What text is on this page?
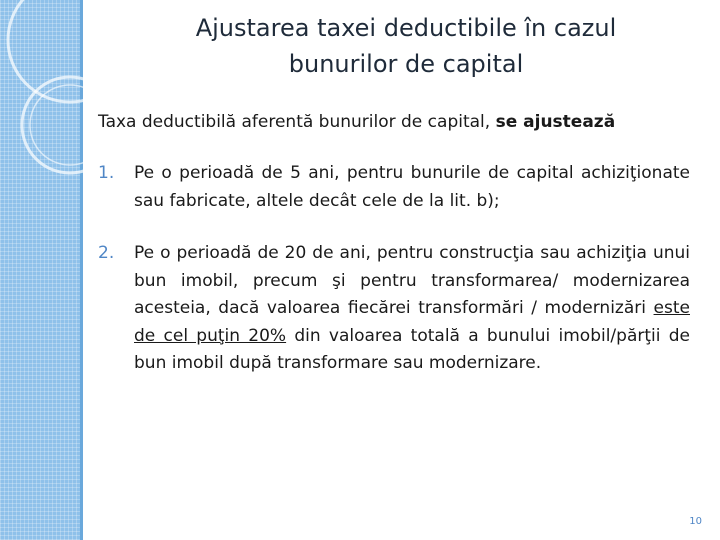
Ajustarea taxei deductibile în cazul
bunurilor de capital
Taxa deductibilă aferentă bunurilor de capital, se ajustează
1. Pe o perioadă de 5 ani, pentru bunurile de capital achiziţionate sau fabricate, altele decât cele de la lit. b);
2. Pe o perioadă de 20 de ani, pentru construcţia sau achiziţia unui bun imobil, precum şi pentru transformarea/ modernizarea acesteia, dacă valoarea fiecărei transformări / modernizări este de cel puţin 20% din valoarea totală a bunului imobil/părţii de bun imobil după transformare sau modernizare.
10
